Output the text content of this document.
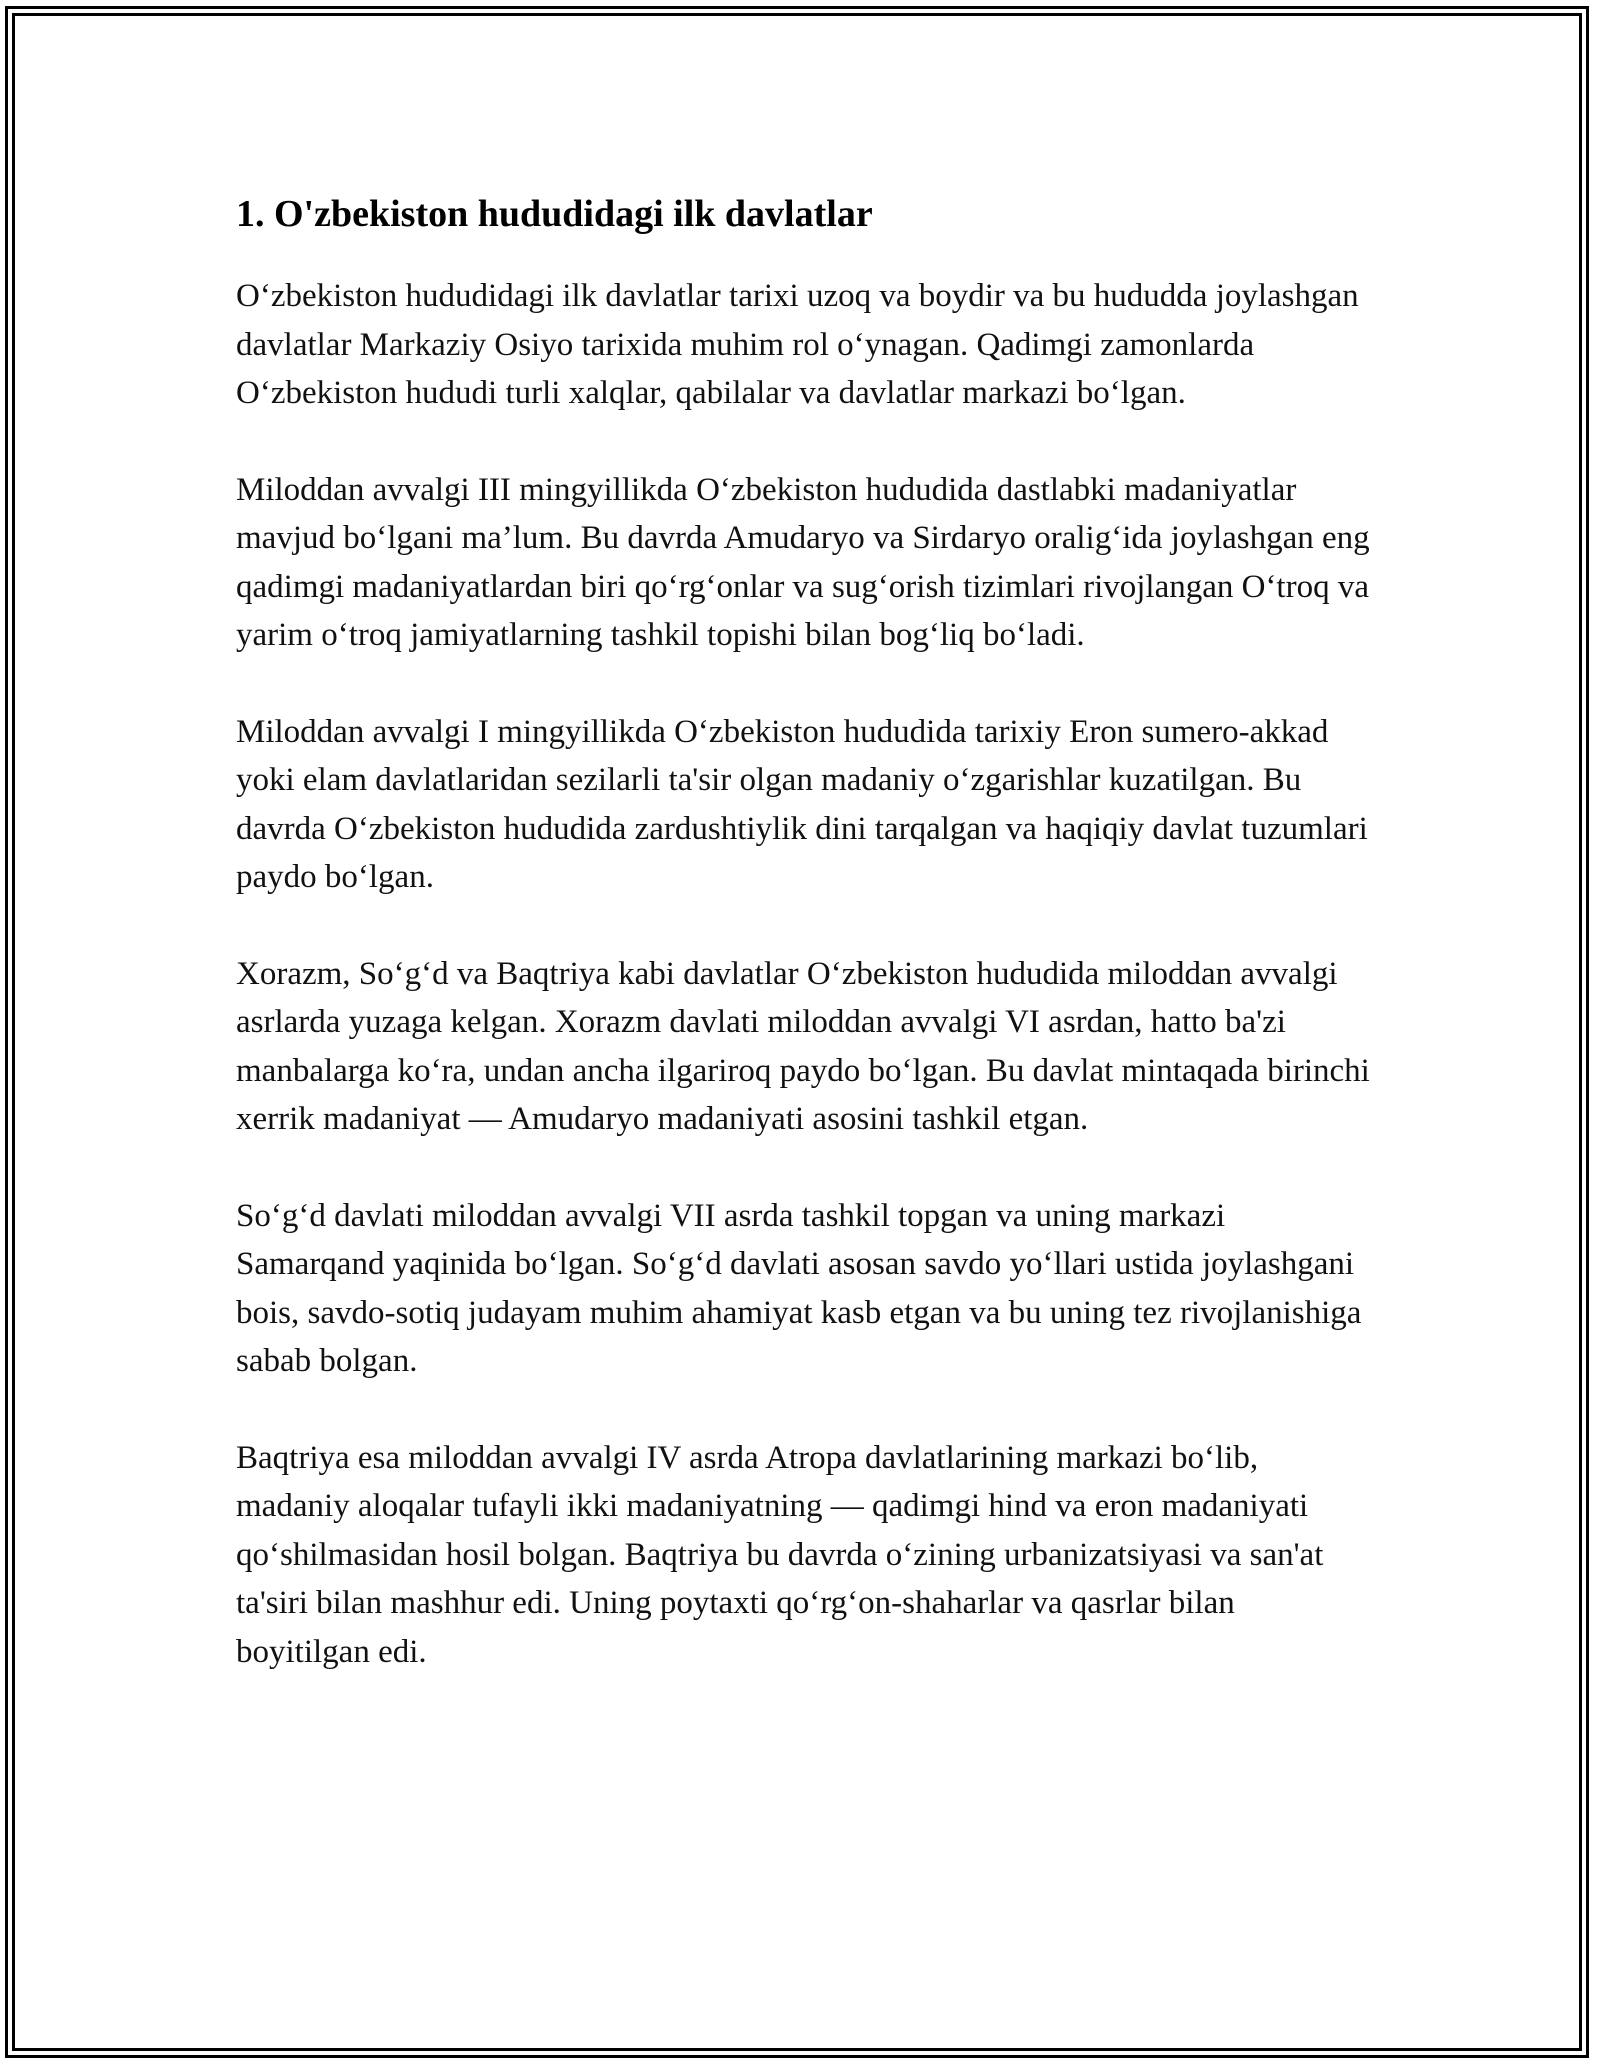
1. O'zbekiston hududidagi ilk davlatlar

O‘zbekiston hududidagi ilk davlatlar tarixi uzoq va boydir va bu hududda joylashgan davlatlar Markaziy Osiyo tarixida muhim rol o‘ynagan. Qadimgi zamonlarda O‘zbekiston hududi turli xalqlar, qabilalar va davlatlar markazi bo‘lgan.

Miloddan avvalgi III mingyillikda O‘zbekiston hududida dastlabki madaniyatlar mavjud bo‘lgani ma’lum. Bu davrda Amudaryo va Sirdaryo oralig‘ida joylashgan eng qadimgi madaniyatlardan biri qo‘rg‘onlar va sug‘orish tizimlari rivojlangan O‘troq va yarim o‘troq jamiyatlarning tashkil topishi bilan bog‘liq bo‘ladi.

Miloddan avvalgi I mingyillikda O‘zbekiston hududida tarixiy Eron sumero-akkad yoki elam davlatlaridan sezilarli ta'sir olgan madaniy o‘zgarishlar kuzatilgan. Bu davrda O‘zbekiston hududida zardushtiylik dini tarqalgan va haqiqiy davlat tuzumlari paydo bo‘lgan.

Xorazm, So‘g‘d va Baqtriya kabi davlatlar O‘zbekiston hududida miloddan avvalgi asrlarda yuzaga kelgan. Xorazm davlati miloddan avvalgi VI asrdan, hatto ba'zi manbalarga ko‘ra, undan ancha ilgariroq paydo bo‘lgan. Bu davlat mintaqada birinchi xerrik madaniyat — Amudaryo madaniyati asosini tashkil etgan.

So‘g‘d davlati miloddan avvalgi VII asrda tashkil topgan va uning markazi Samarqand yaqinida bo‘lgan. So‘g‘d davlati asosan savdo yo‘llari ustida joylashgani bois, savdo-sotiq judayam muhim ahamiyat kasb etgan va bu uning tez rivojlanishiga sabab bolgan.

Baqtriya esa miloddan avvalgi IV asrda Atropa davlatlarining markazi bo‘lib, madaniy aloqalar tufayli ikki madaniyatning — qadimgi hind va eron madaniyati qo‘shilmasidan hosil bolgan. Baqtriya bu davrda o‘zining urbanizatsiyasi va san'at ta'siri bilan mashhur edi. Uning poytaxti qo‘rg‘on-shaharlar va qasrlar bilan boyitilgan edi.
